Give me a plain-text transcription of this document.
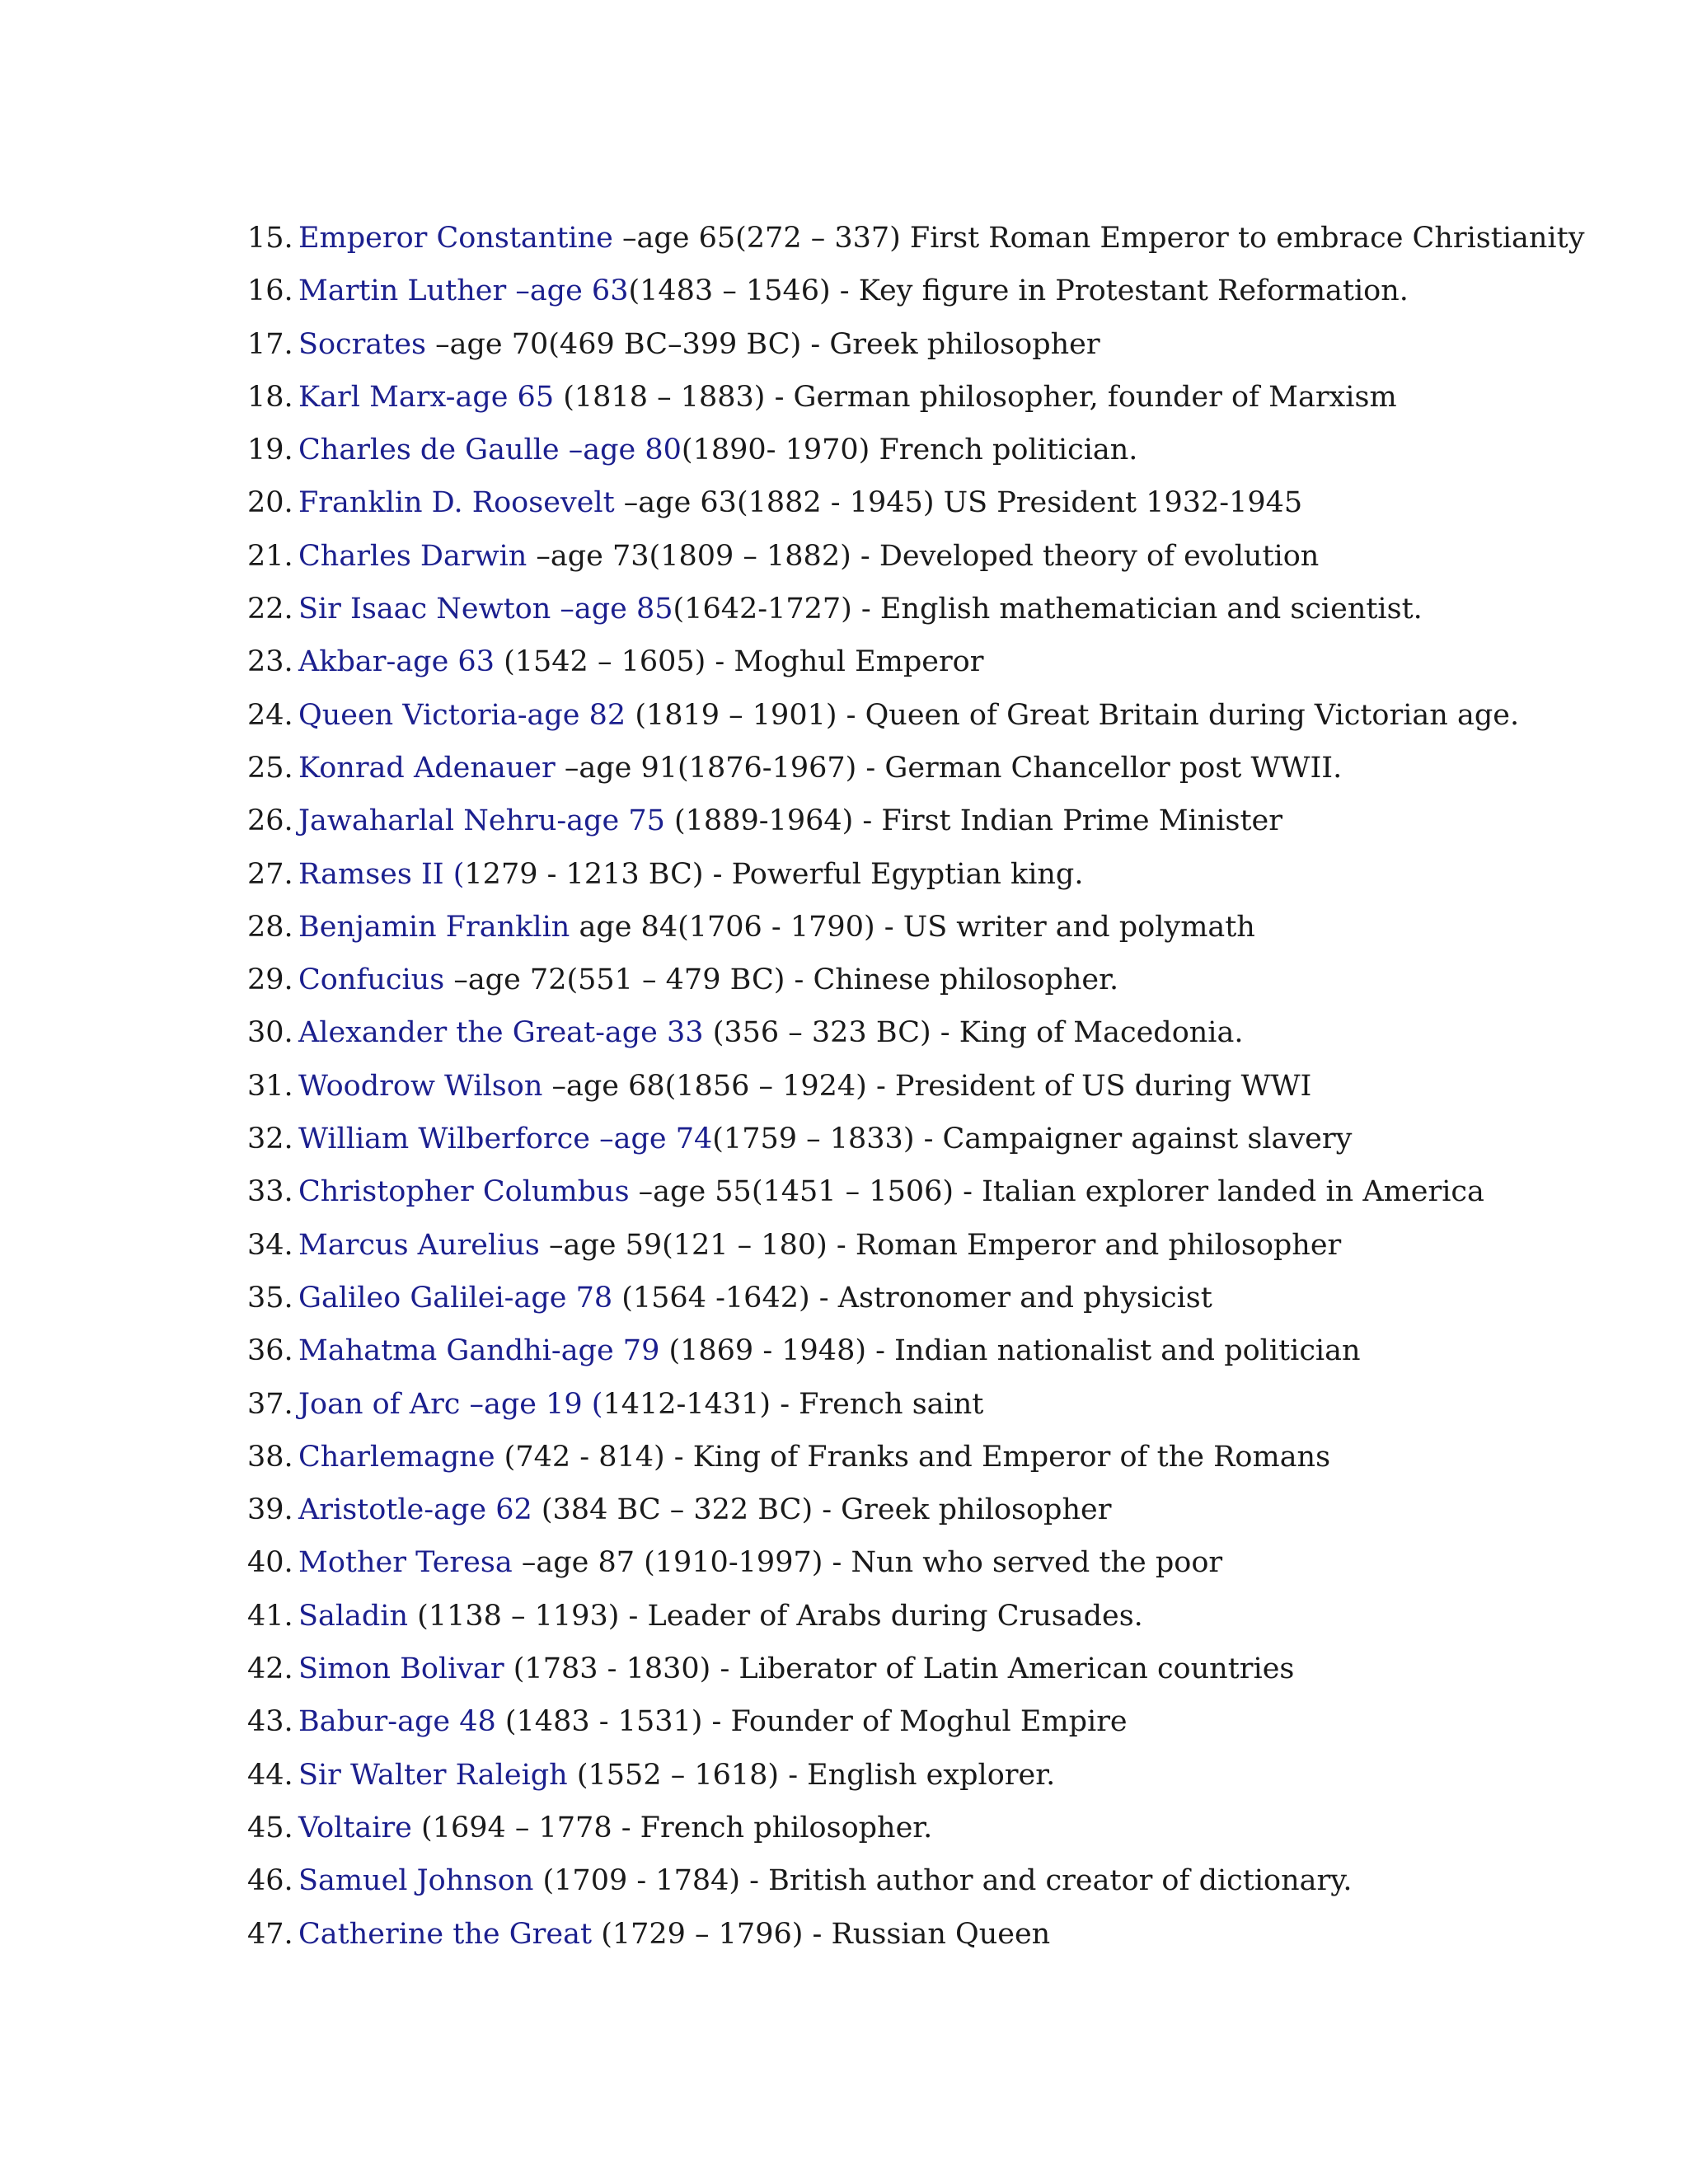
15. Emperor Constantine –age 65(272 – 337) First Roman Emperor to embrace Christianity
16. Martin Luther –age 63(1483 – 1546) - Key figure in Protestant Reformation.
17. Socrates –age 70(469 BC–399 BC) - Greek philosopher
18. Karl Marx-age 65 (1818 – 1883) - German philosopher, founder of Marxism
19. Charles de Gaulle –age 80(1890- 1970) French politician.
20. Franklin D. Roosevelt –age 63(1882 - 1945) US President 1932-1945
21. Charles Darwin –age 73(1809 – 1882) - Developed theory of evolution
22. Sir Isaac Newton –age 85(1642-1727) - English mathematician and scientist.
23. Akbar-age 63 (1542 – 1605) - Moghul Emperor
24. Queen Victoria-age 82 (1819 – 1901) - Queen of Great Britain during Victorian age.
25. Konrad Adenauer –age 91(1876-1967) - German Chancellor post WWII.
26. Jawaharlal Nehru-age 75 (1889-1964) - First Indian Prime Minister
27. Ramses II (1279 - 1213 BC) - Powerful Egyptian king.
28. Benjamin Franklin age 84(1706 - 1790) - US writer and polymath
29. Confucius –age 72(551 – 479 BC) - Chinese philosopher.
30. Alexander the Great-age 33 (356 – 323 BC) - King of Macedonia.
31. Woodrow Wilson –age 68(1856 – 1924) - President of US during WWI
32. William Wilberforce –age 74(1759 – 1833) - Campaigner against slavery
33. Christopher Columbus –age 55(1451 – 1506) - Italian explorer landed in America
34. Marcus Aurelius –age 59(121 – 180) - Roman Emperor and philosopher
35. Galileo Galilei-age 78 (1564 -1642) - Astronomer and physicist
36. Mahatma Gandhi-age 79 (1869 - 1948) - Indian nationalist and politician
37. Joan of Arc –age 19 (1412-1431) - French saint
38. Charlemagne (742 - 814) - King of Franks and Emperor of the Romans
39. Aristotle-age 62 (384 BC – 322 BC) - Greek philosopher
40. Mother Teresa –age 87 (1910-1997) - Nun who served the poor
41. Saladin (1138 – 1193) - Leader of Arabs during Crusades.
42. Simon Bolivar (1783 - 1830) - Liberator of Latin American countries
43. Babur-age 48 (1483 - 1531) - Founder of Moghul Empire
44. Sir Walter Raleigh (1552 – 1618) - English explorer.
45. Voltaire (1694 – 1778 - French philosopher.
46. Samuel Johnson (1709 - 1784) - British author and creator of dictionary.
47. Catherine the Great (1729 – 1796) - Russian Queen
